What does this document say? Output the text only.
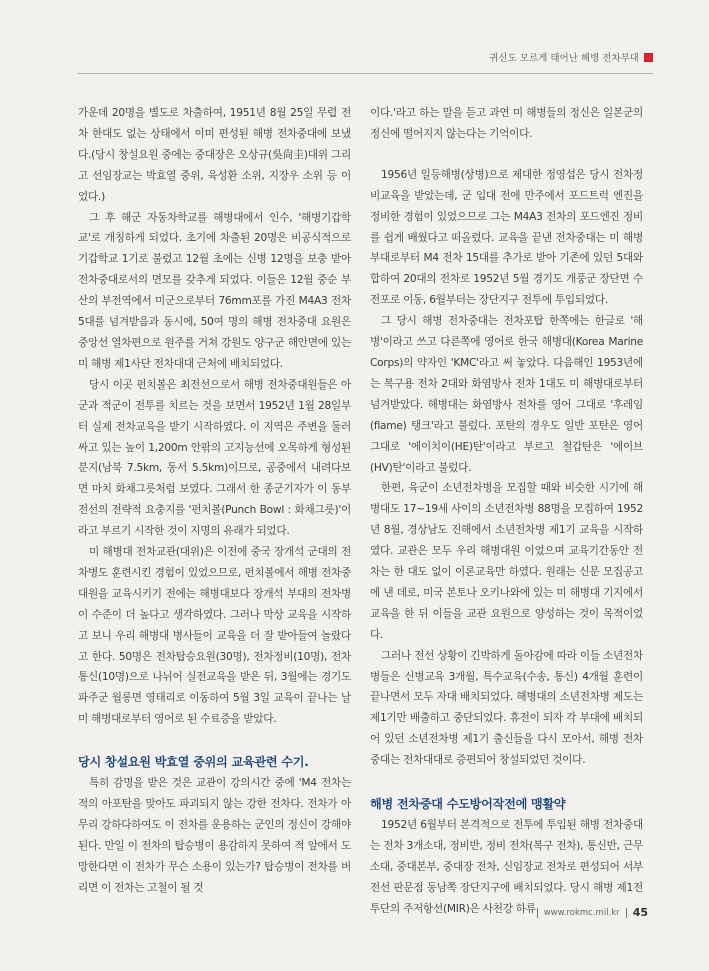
귀신도 모르게 태어난 해병 전차부대

가운데 20명을 별도로 차출하여, 1951년 8월 25일 무렵 전차 한대도 없는 상태에서 이미 편성된 해병 전차중대에 보냈다.(당시 창설요원 중에는 중대장은 오상규(吳尙圭)대위 그리고 선임장교는 박효열 중위, 육성환 소위, 지장우 소위 등 이었다.)

그 후 해군 자동차학교를 해병대에서 인수, '해병기갑학교'로 개칭하게 되었다. 초기에 차출된 20명은 비공식적으로 기갑학교 1기로 불렸고 12월 초에는 신병 12명을 보충 받아 전차중대로서의 면모를 갖추게 되었다. 이들은 12월 중순 부산의 부전역에서 미군으로부터 76mm포를 가진 M4A3 전차 5대를 넘겨받음과 동시에, 50여 명의 해병 전차중대 요원은 중앙선 열차편으로 원주를 거쳐 강원도 양구군 해안면에 있는 미 해병 제1사단 전차대대 근처에 배치되었다.

당시 이곳 펀치볼은 최전선으로서 해병 전차중대원들은 아군과 적군이 전투를 치르는 것을 보면서 1952년 1월 28일부터 실제 전차교육을 받기 시작하였다. 이 지역은 주변을 둘러싸고 있는 높이 1,200m 안팎의 고지능선에 오목하게 형성된 분지(남북 7.5km, 동서 5.5km)이므로, 공중에서 내려다보면 마치 화채그릇처럼 보였다. 그래서 한 종군기자가 이 동부전선의 전략적 요충지를 '펀치볼(Punch Bowl : 화채그릇)'이라고 부르기 시작한 것이 지명의 유래가 되었다.

미 해병대 전차교관(대위)은 이전에 중국 장개석 군대의 전차병도 훈련시킨 경험이 있었으므로, 펀치볼에서 해병 전차중대원을 교육시키기 전에는 해병대보다 장개석 부대의 전차병이 수준이 더 높다고 생각하였다. 그러나 막상 교육을 시작하고 보니 우리 해병대 병사들이 교육을 더 잘 받아들여 놀랐다고 한다. 50명은 전차탑승요원(30명), 전차정비(10명), 전차통신(10명)으로 나뉘어 실전교육을 받은 뒤, 3월에는 경기도 파주군 월롱면 영태리로 이동하여 5월 3일 교육이 끝나는 날 미 해병대로부터 영어로 된 수료증을 받았다.

당시 창설요원 박효열 중위의 교육관련 수기.

특히 감명을 받은 것은 교관이 강의시간 중에 'M4 전차는 적의 아포탄을 맞아도 파괴되지 않는 강한 전차다. 전차가 아무리 강하다하여도 이 전차를 운용하는 군인의 정신이 강해야 된다. 만일 이 전차의 탑승병이 용감하지 못하여 적 앞에서 도망한다면 이 전차가 무슨 소용이 있는가? 탑승병이 전차를 버리면 이 전차는 고철이 될 것

이다.'라고 하는 말을 듣고 과연 미 해병들의 정신은 일본군의 정신에 떨어지지 않는다는 기억이다.

1956년 일등해병(상병)으로 제대한 정영섭은 당시 전차정비교육을 받았는데, 군 입대 전에 만주에서 포드트럭 엔진을 정비한 경험이 있었으므로 그는 M4A3 전차의 포드엔진 정비를 쉽게 배웠다고 떠올렸다. 교육을 끝낸 전차중대는 미 해병부대로부터 M4 전차 15대를 추가로 받아 기존에 있던 5대와 합하여 20대의 전차로 1952년 5월 경기도 개풍군 장단면 수전포로 이동, 6월부터는 장단지구 전투에 투입되었다.

그 당시 해병 전차중대는 전차포탑 한쪽에는 한글로 '해병'이라고 쓰고 다른쪽에 영어로 한국 해병대(Korea Marine Corps)의 약자인 'KMC'라고 써 놓았다. 다음해인 1953년에는 복구용 전차 2대와 화염방사 전차 1대도 미 해병대로부터 넘겨받았다. 해병대는 화염방사 전차를 영어 그대로 '후레임(flame) 탱크'라고 불렀다. 포탄의 경우도 일반 포탄은 영어 그대로 '에이치이(HE)탄'이라고 부르고 철갑탄은 '에이브(HV)탄'이라고 불렀다.

한편, 육군이 소년전차병을 모집할 때와 비슷한 시기에 해병대도 17~19세 사이의 소년전차병 88명을 모집하여 1952년 8월, 경상남도 진해에서 소년전차병 제1기 교육을 시작하였다. 교관은 모두 우리 해병대원 이었으며 교육기간동안 전차는 한 대도 없이 이론교육만 하였다. 원래는 신문 모집공고에 낸 데로, 미국 본토나 오키나와에 있는 미 해병대 기지에서 교육을 한 뒤 이들을 교관 요원으로 양성하는 것이 목적이었다.

그러나 전선 상황이 긴박하게 돌아감에 따라 이들 소년전차병들은 신병교육 3개월, 특수교육(수송, 통신) 4개월 훈련이 끝나면서 모두 자대 배치되었다. 해병대의 소년전차병 제도는 제1기만 배출하고 중단되었다. 휴전이 되자 각 부대에 배치되어 있던 소년전차병 제1기 출신들을 다시 모아서, 해병 전차중대는 전차대대로 증편되어 창설되었던 것이다.

해병 전차중대 수도방어작전에 맹활약

1952년 6월부터 본격적으로 전투에 투입된 해병 전차중대는 전차 3개소대, 정비반, 정비 전차(복구 전차), 통신반, 근무소대, 중대본부, 중대장 전차, 신임장교 전차로 편성되어 서부전선 판문점 동남쪽 장단지구에 배치되었다. 당시 해병 제1전투단의 주저항선(MIR)은 사천강 하류 www.rokmc.mil.kr 45
